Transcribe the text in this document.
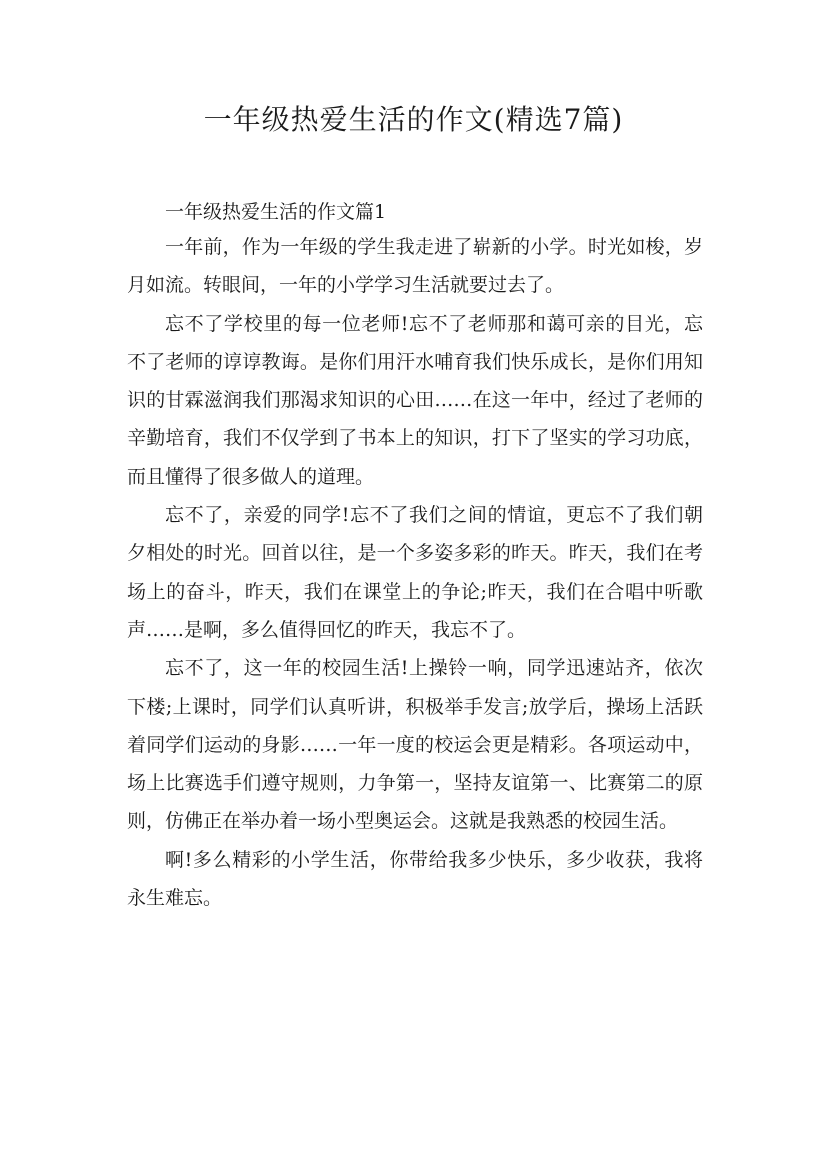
一年级热爱生活的作文(精选7篇)
一年级热爱生活的作文篇1

一年前，作为一年级的学生我走进了崭新的小学。时光如梭，岁月如流。转眼间，一年的小学学习生活就要过去了。

忘不了学校里的每一位老师!忘不了老师那和蔼可亲的目光，忘不了老师的谆谆教诲。是你们用汗水哺育我们快乐成长，是你们用知识的甘霖滋润我们那渴求知识的心田……在这一年中，经过了老师的辛勤培育，我们不仅学到了书本上的知识，打下了坚实的学习功底，而且懂得了很多做人的道理。

忘不了，亲爱的同学!忘不了我们之间的情谊，更忘不了我们朝夕相处的时光。回首以往，是一个多姿多彩的昨天。昨天，我们在考场上的奋斗，昨天，我们在课堂上的争论;昨天，我们在合唱中听歌声……是啊，多么值得回忆的昨天，我忘不了。

忘不了，这一年的校园生活!上操铃一响，同学迅速站齐，依次下楼;上课时，同学们认真听讲，积极举手发言;放学后，操场上活跃着同学们运动的身影……一年一度的校运会更是精彩。各项运动中，场上比赛选手们遵守规则，力争第一，坚持友谊第一、比赛第二的原则，仿佛正在举办着一场小型奥运会。这就是我熟悉的校园生活。

啊!多么精彩的小学生活，你带给我多少快乐，多少收获，我将永生难忘。
